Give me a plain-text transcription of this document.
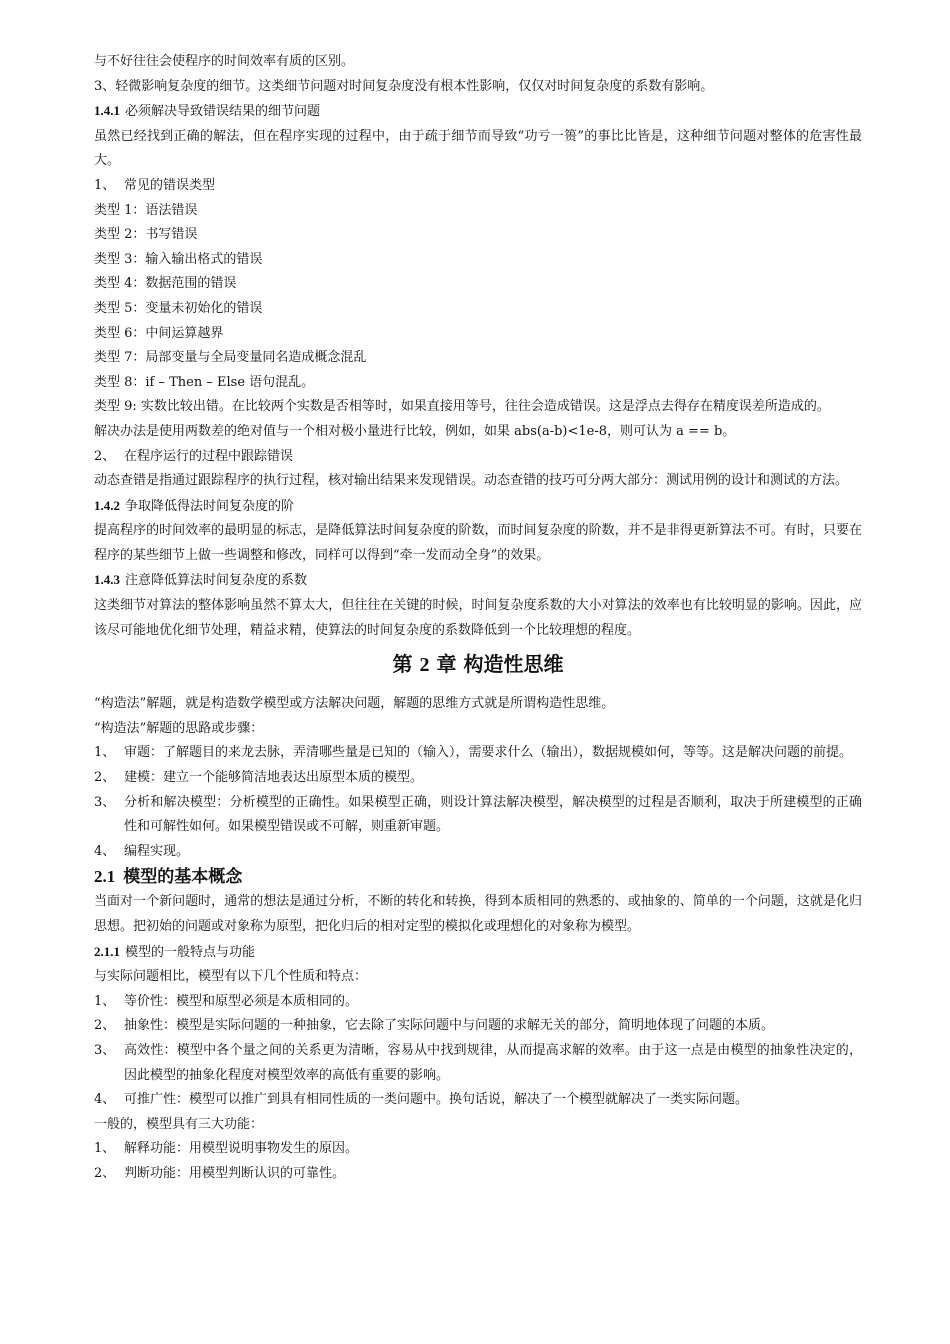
与不好往往会使程序的时间效率有质的区别。

3、轻微影响复杂度的细节。这类细节问题对时间复杂度没有根本性影响，仅仅对时间复杂度的系数有影响。

1.4.1 必须解决导致错误结果的细节问题

虽然已经找到正确的解法，但在程序实现的过程中，由于疏于细节而导致“功亏一篑”的事比比皆是，这种细节问题对整体的危害性最大。

1、 常见的错误类型

类型 1：语法错误

类型 2：书写错误

类型 3：输入输出格式的错误

类型 4：数据范围的错误

类型 5：变量未初始化的错误

类型 6：中间运算越界

类型 7：局部变量与全局变量同名造成概念混乱

类型 8：if – Then – Else 语句混乱。

类型 9: 实数比较出错。在比较两个实数是否相等时，如果直接用等号，往往会造成错误。这是浮点去得存在精度误差所造成的。

解决办法是使用两数差的绝对值与一个相对极小量进行比较，例如，如果 abs(a-b)<1e-8，则可认为 a == b。

2、 在程序运行的过程中跟踪错误

动态查错是指通过跟踪程序的执行过程，核对输出结果来发现错误。动态查错的技巧可分两大部分：测试用例的设计和测试的方法。

1.4.2 争取降低得法时间复杂度的阶

提高程序的时间效率的最明显的标志，是降低算法时间复杂度的阶数，而时间复杂度的阶数，并不是非得更新算法不可。有时，只要在程序的某些细节上做一些调整和修改，同样可以得到“牵一发而动全身”的效果。

1.4.3 注意降低算法时间复杂度的系数

这类细节对算法的整体影响虽然不算太大，但往往在关键的时候，时间复杂度系数的大小对算法的效率也有比较明显的影响。因此，应该尽可能地优化细节处理，精益求精，使算法的时间复杂度的系数降低到一个比较理想的程度。

第 2 章 构造性思维

“构造法”解题，就是构造数学模型或方法解决问题，解题的思维方式就是所谓构造性思维。

“构造法”解题的思路或步骤：

1、 审题：了解题目的来龙去脉，弄清哪些量是已知的（输入），需要求什么（输出），数据规模如何，等等。这是解决问题的前提。
2、 建模：建立一个能够简洁地表达出原型本质的模型。
3、 分析和解决模型：分析模型的正确性。如果模型正确，则设计算法解决模型，解决模型的过程是否顺利，取决于所建模型的正确性和可解性如何。如果模型错误或不可解，则重新审题。
4、 编程实现。
2.1 模型的基本概念

当面对一个新问题时，通常的想法是通过分析，不断的转化和转换，得到本质相同的熟悉的、或抽象的、简单的一个问题，这就是化归思想。把初始的问题或对象称为原型，把化归后的相对定型的模拟化或理想化的对象称为模型。

2.1.1 模型的一般特点与功能

与实际问题相比，模型有以下几个性质和特点：

1、 等价性：模型和原型必须是本质相同的。
2、 抽象性：模型是实际问题的一种抽象，它去除了实际问题中与问题的求解无关的部分，简明地体现了问题的本质。
3、 高效性：模型中各个量之间的关系更为清晰，容易从中找到规律，从而提高求解的效率。由于这一点是由模型的抽象性决定的，因此模型的抽象化程度对模型效率的高低有重要的影响。
4、 可推广性：模型可以推广到具有相同性质的一类问题中。换句话说，解决了一个模型就解决了一类实际问题。

一般的，模型具有三大功能：

1、 解释功能：用模型说明事物发生的原因。
2、 判断功能：用模型判断认识的可靠性。
